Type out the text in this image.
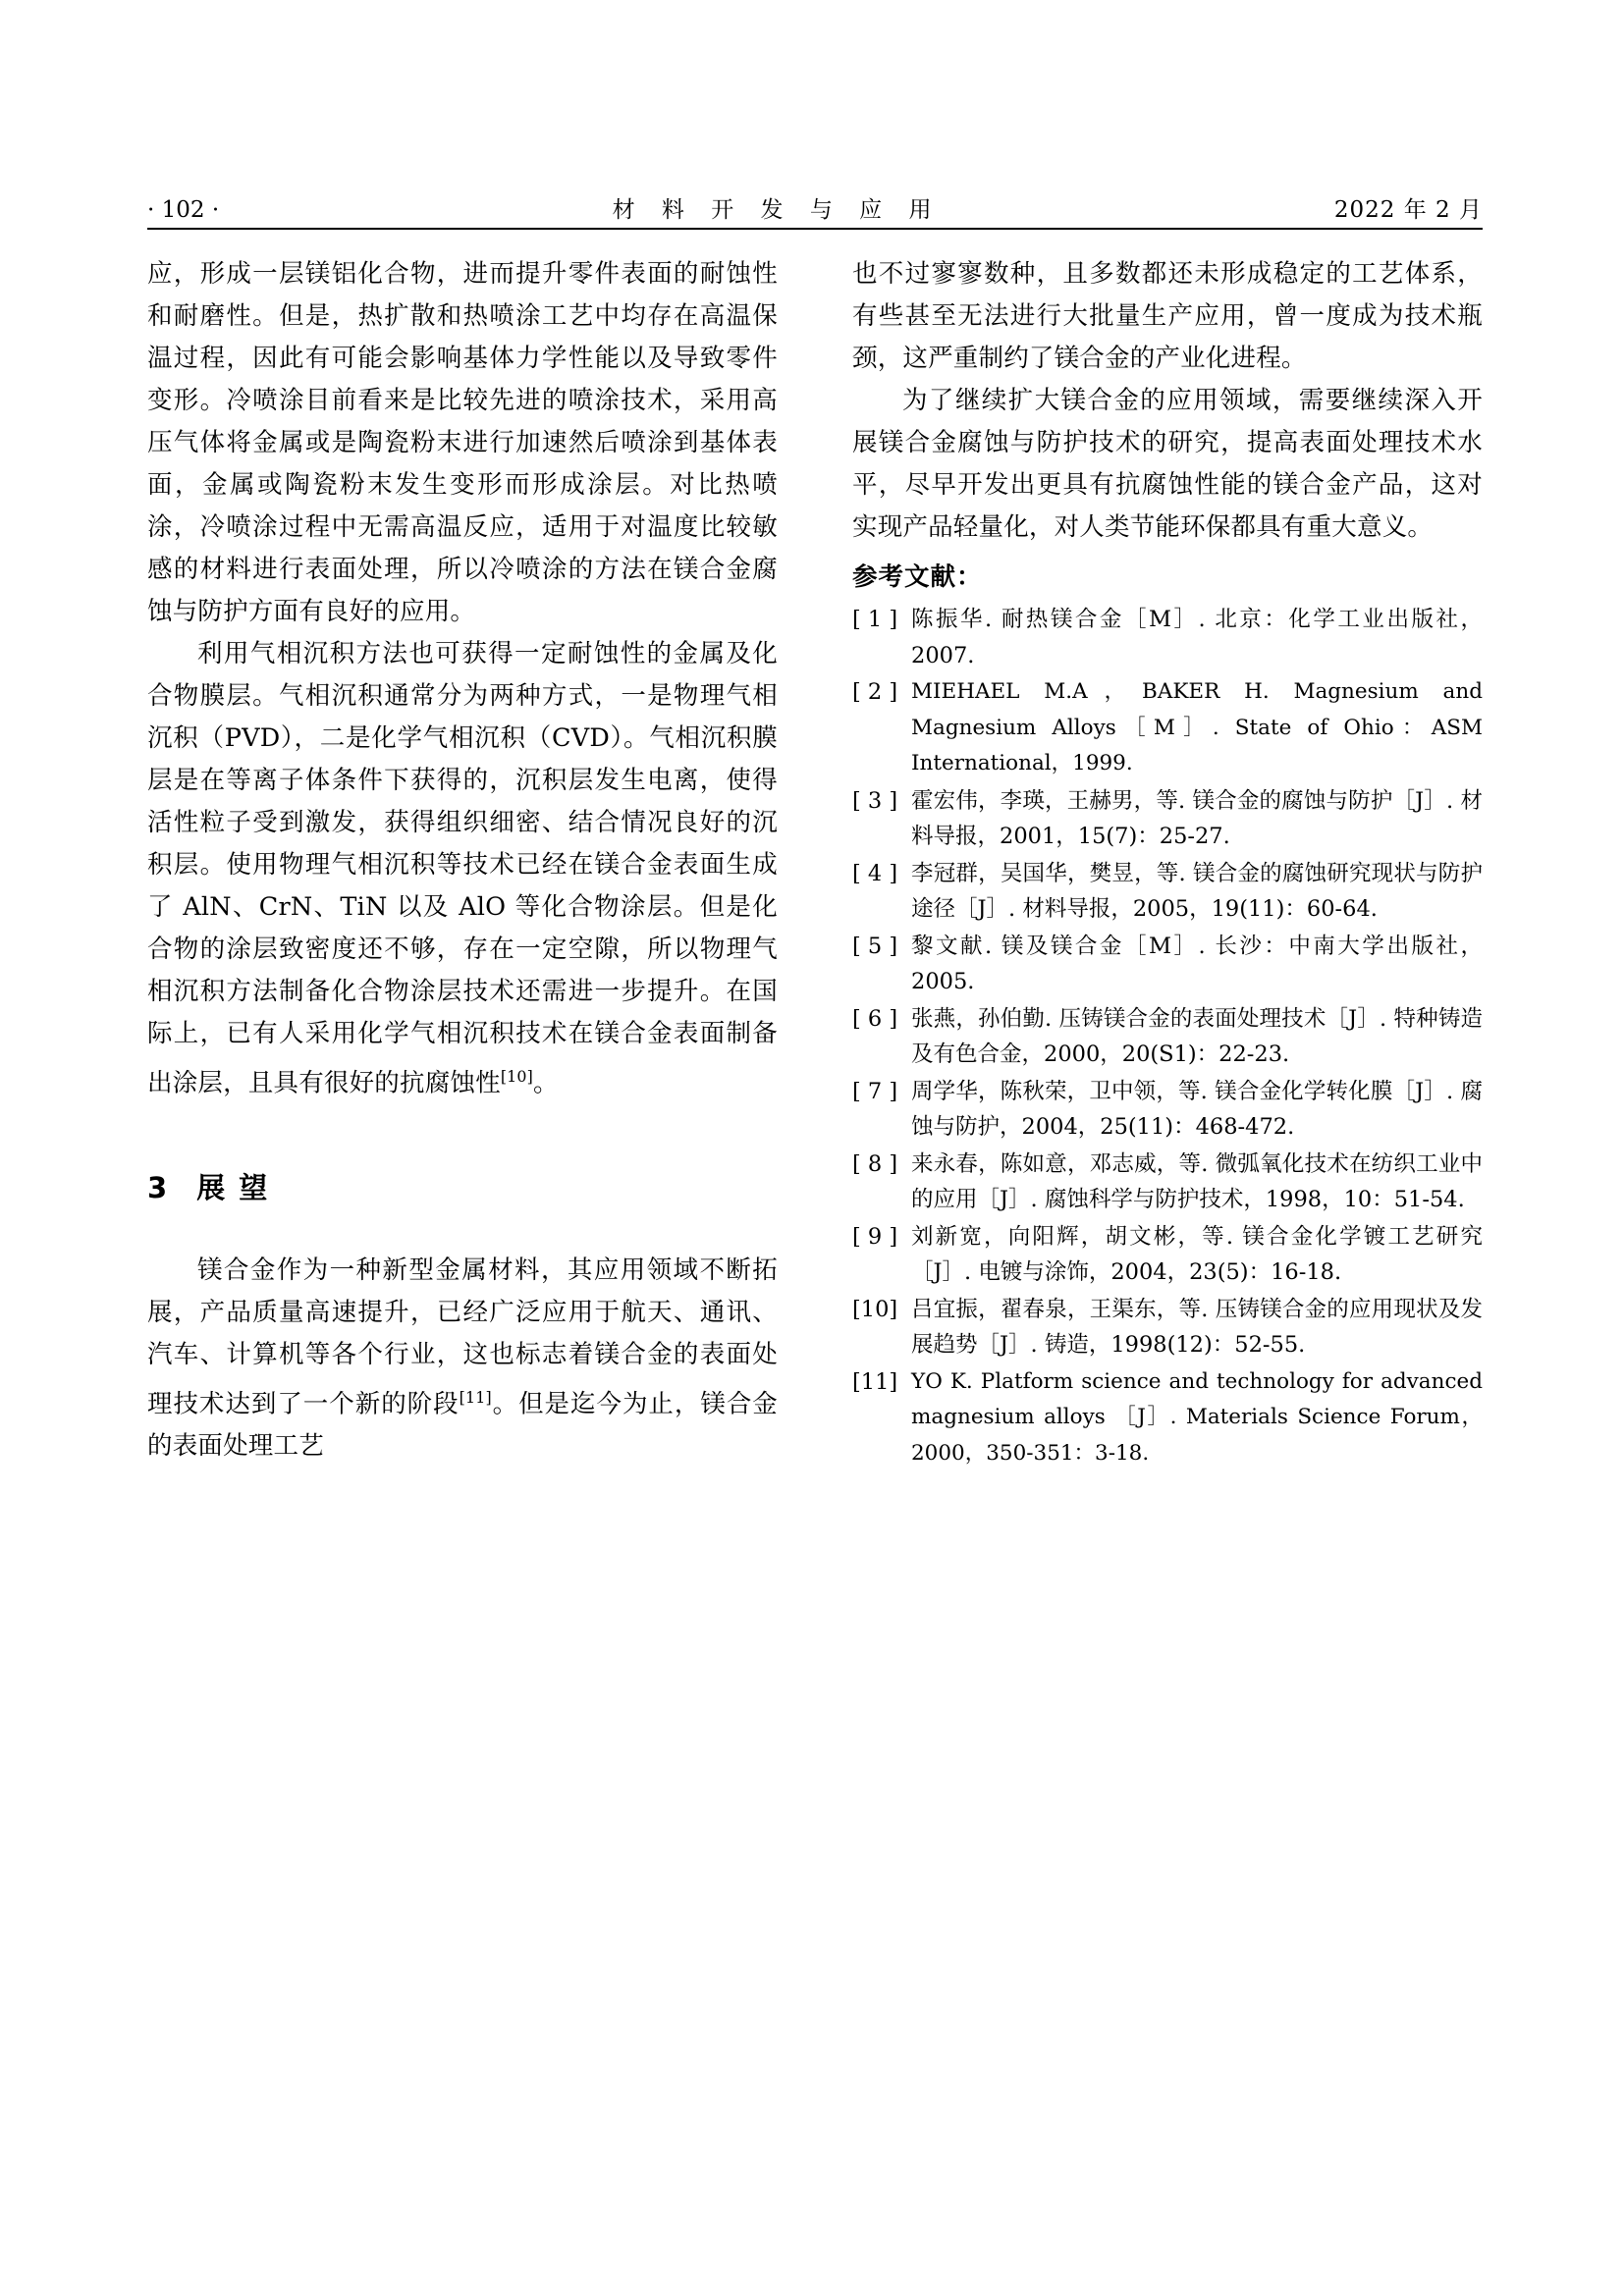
· 102 ·	材 料 开 发 与 应 用	2022 年 2 月

应，形成一层镁铝化合物，进而提升零件表面的耐蚀性和耐磨性。但是，热扩散和热喷涂工艺中均存在高温保温过程，因此有可能会影响基体力学性能以及导致零件变形。冷喷涂目前看来是比较先进的喷涂技术，采用高压气体将金属或是陶瓷粉末进行加速然后喷涂到基体表面，金属或陶瓷粉末发生变形而形成涂层。对比热喷涂，冷喷涂过程中无需高温反应，适用于对温度比较敏感的材料进行表面处理，所以冷喷涂的方法在镁合金腐蚀与防护方面有良好的应用。

利用气相沉积方法也可获得一定耐蚀性的金属及化合物膜层。气相沉积通常分为两种方式，一是物理气相沉积（PVD），二是化学气相沉积（CVD）。气相沉积膜层是在等离子体条件下获得的，沉积层发生电离，使得活性粒子受到激发，获得组织细密、结合情况良好的沉积层。使用物理气相沉积等技术已经在镁合金表面生成了 AlN、CrN、TiN 以及 AlO 等化合物涂层。但是化合物的涂层致密度还不够，存在一定空隙，所以物理气相沉积方法制备化合物涂层技术还需进一步提升。在国际上，已有人采用化学气相沉积技术在镁合金表面制备出涂层，且具有很好的抗腐蚀性[10]。

3 展 望

镁合金作为一种新型金属材料，其应用领域不断拓展，产品质量高速提升，已经广泛应用于航天、通讯、汽车、计算机等各个行业，这也标志着镁合金的表面处理技术达到了一个新的阶段[11]。但是迄今为止，镁合金的表面处理工艺

也不过寥寥数种，且多数都还未形成稳定的工艺体系，有些甚至无法进行大批量生产应用，曾一度成为技术瓶颈，这严重制约了镁合金的产业化进程。

为了继续扩大镁合金的应用领域，需要继续深入开展镁合金腐蚀与防护技术的研究，提高表面处理技术水平，尽早开发出更具有抗腐蚀性能的镁合金产品，这对实现产品轻量化，对人类节能环保都具有重大意义。

参考文献：
[ 1 ] 陈振华. 耐热镁合金［M］. 北京：化学工业出版社，2007.
[ 2 ] MIEHAEL M.A，BAKER H. Magnesium and Magnesium Alloys［M］. State of Ohio：ASM International，1999.
[ 3 ] 霍宏伟，李瑛，王赫男，等. 镁合金的腐蚀与防护［J］. 材料导报，2001，15(7)：25-27.
[ 4 ] 李冠群，吴国华，樊昱，等. 镁合金的腐蚀研究现状与防护途径［J］. 材料导报，2005，19(11)：60-64.
[ 5 ] 黎文献. 镁及镁合金［M］. 长沙：中南大学出版社，2005.
[ 6 ] 张燕，孙伯勤. 压铸镁合金的表面处理技术［J］. 特种铸造及有色合金，2000，20(S1)：22-23.
[ 7 ] 周学华，陈秋荣，卫中领，等. 镁合金化学转化膜［J］. 腐蚀与防护，2004，25(11)：468-472.
[ 8 ] 来永春，陈如意，邓志威，等. 微弧氧化技术在纺织工业中的应用［J］. 腐蚀科学与防护技术，1998，10：51-54.
[ 9 ] 刘新宽，向阳辉，胡文彬，等. 镁合金化学镀工艺研究［J］. 电镀与涂饰，2004，23(5)：16-18.
[10] 吕宜振，翟春泉，王渠东，等. 压铸镁合金的应用现状及发展趋势［J］. 铸造，1998(12)：52-55.
[11] YO K. Platform science and technology for advanced magnesium alloys ［J］. Materials Science Forum，2000，350-351：3-18.
